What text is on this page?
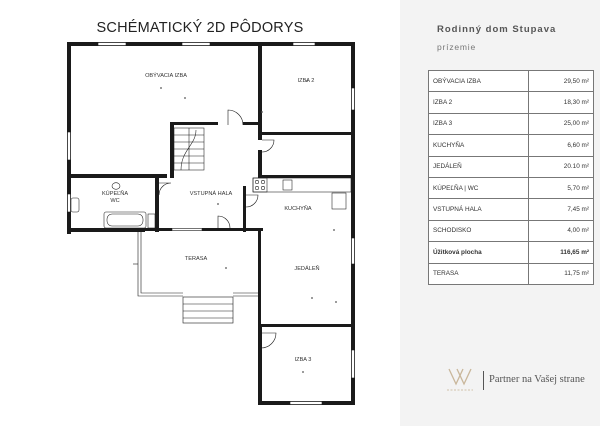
SCHÉMATICKÝ 2D PÔDORYS
OBÝVACIA IZBA
IZBA 2
KÚPEĽŇA
WC
VSTUPNÁ HALA
KUCHYŇA
TERASA
JEDÁLEŇ
IZBA 3
Rodinný dom Stupava
prízemie
OBÝVACIA IZBA	29,50 m²
IZBA 2	18,30 m²
IZBA 3	25,00 m²
KUCHYŇA	6,60 m²
JEDÁLEŇ	20.10 m²
KÚPEĽŇA | WC	5,70 m²
VSTUPNÁ HALA	7,45 m²
SCHODISKO	4,00 m²
Úžitková plocha	116,65 m²
TERASA	11,75 m²
Partner na Vašej strane
